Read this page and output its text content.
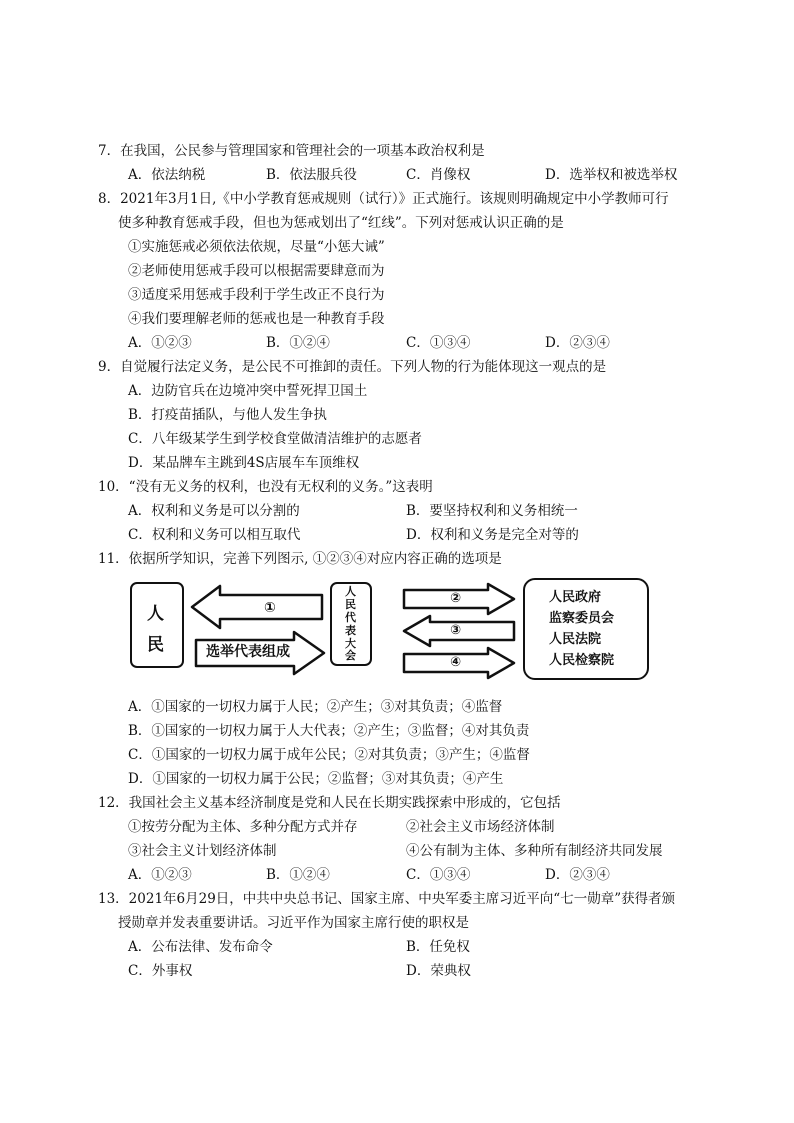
7．在我国，公民参与管理国家和管理社会的一项基本政治权利是
A．依法纳税	B．依法服兵役	C．肖像权	D．选举权和被选举权
8．2021年3月1日,《中小学教育惩戒规则（试行）》正式施行。该规则明确规定中小学教师可行
使多种教育惩戒手段，但也为惩戒划出了“红线”。下列对惩戒认识正确的是
①实施惩戒必须依法依规，尽量“小惩大诫”
②老师使用惩戒手段可以根据需要肆意而为
③适度采用惩戒手段利于学生改正不良行为
④我们要理解老师的惩戒也是一种教育手段
A．①②③	B．①②④	C．①③④	D．②③④
9．自觉履行法定义务，是公民不可推卸的责任。下列人物的行为能体现这一观点的是
A．边防官兵在边境冲突中誓死捍卫国土
B．打疫苗插队，与他人发生争执
C．八年级某学生到学校食堂做清洁维护的志愿者
D．某品牌车主跳到4S店展车车顶维权
10．“没有无义务的权利，也没有无权利的义务。”这表明
A．权利和义务是可以分割的	B．要坚持权利和义务相统一
C．权利和义务可以相互取代	D．权利和义务是完全对等的
11．依据所学知识，完善下列图示, ①②③④对应内容正确的选项是
人
民
①
选举代表组成
人
民
代
表
大
会
②
③
④
人民政府
监察委员会
人民法院
人民检察院
A．①国家的一切权力属于人民；②产生；③对其负责；④监督
B．①国家的一切权力属于人大代表；②产生；③监督；④对其负责
C．①国家的一切权力属于成年公民；②对其负责；③产生；④监督
D．①国家的一切权力属于公民；②监督；③对其负责；④产生
12．我国社会主义基本经济制度是党和人民在长期实践探索中形成的，它包括
①按劳分配为主体、多种分配方式并存	②社会主义市场经济体制
③社会主义计划经济体制	④公有制为主体、多种所有制经济共同发展
A．①②③	B．①②④	C．①③④	D．②③④
13．2021年6月29日，中共中央总书记、国家主席、中央军委主席习近平向“七一勋章”获得者颁
授勋章并发表重要讲话。习近平作为国家主席行使的职权是
A．公布法律、发布命令	B．任免权
C．外事权	D．荣典权
